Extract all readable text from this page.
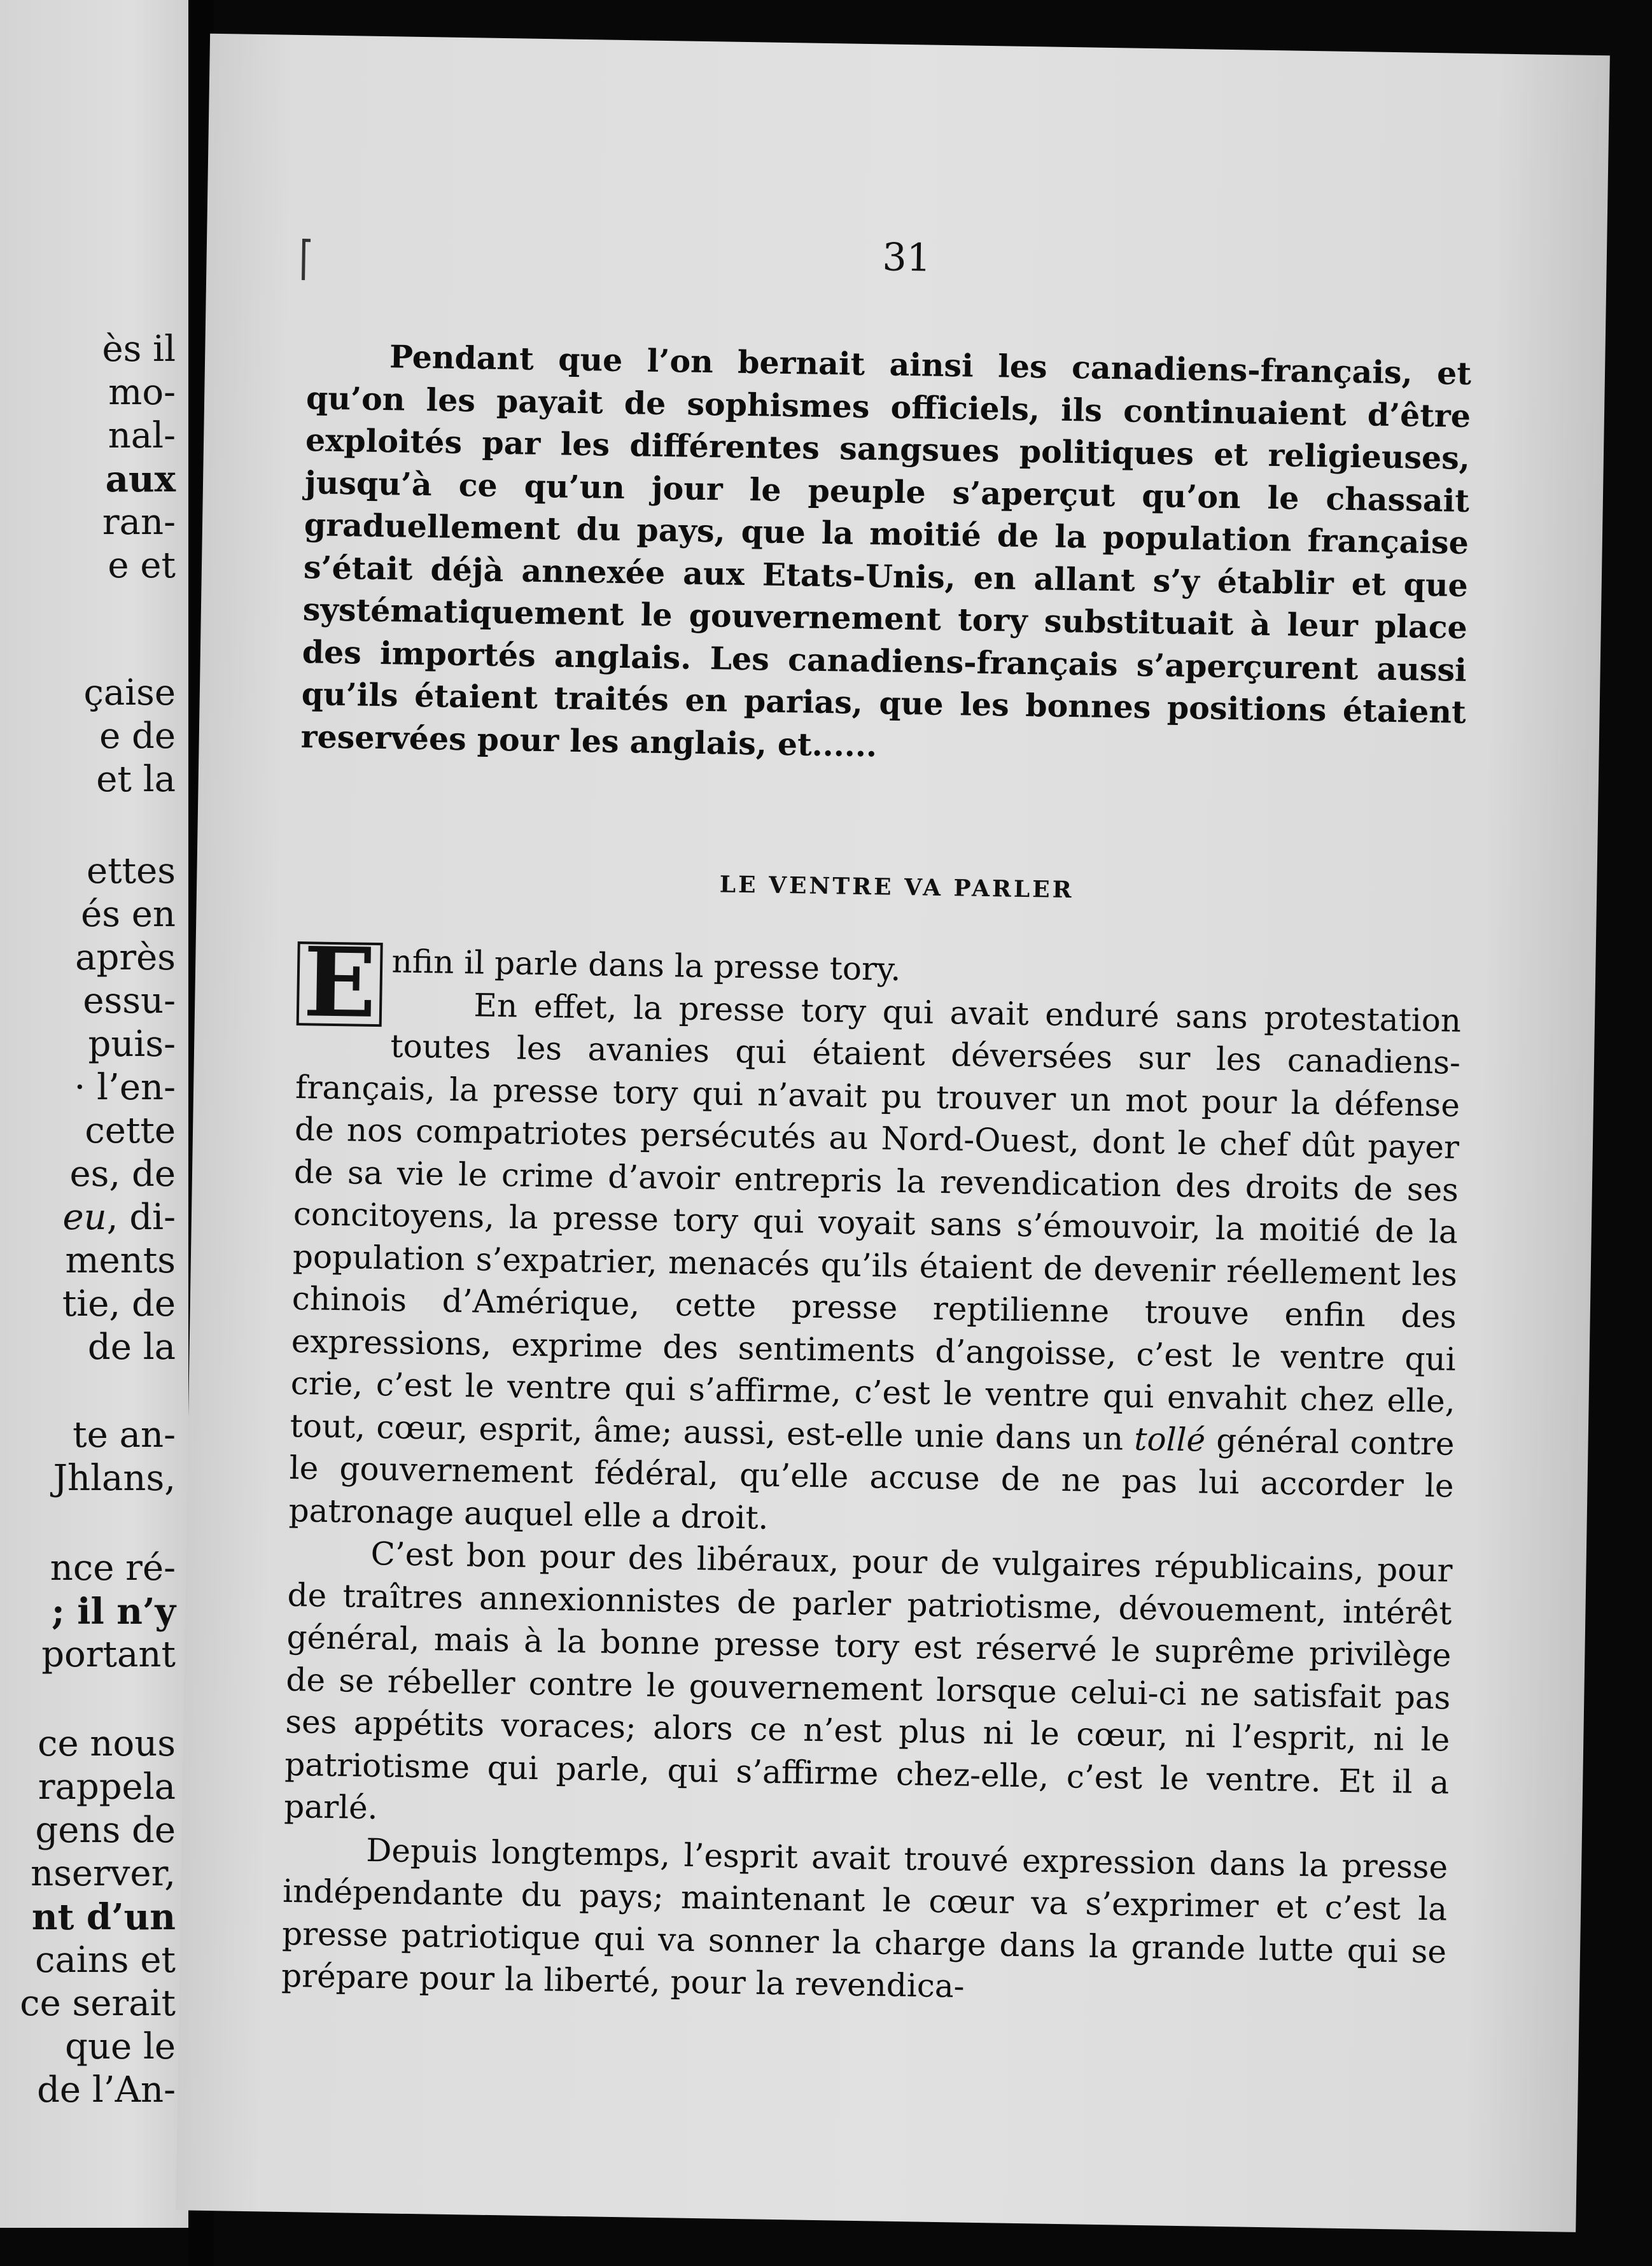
ès il
mo-
nal-
aux
ran-
e et
çaise
e de
et la
ettes
és en
après
essu-
puis-
· l’en-
cette
es, de
eu, di-
ments
tie, de
de la
te an-
Jhlans,
nce ré-
; il n’y
portant
ce nous
rappela
gens de
nserver,
nt d’un
cains et
ce serait
que le
de l’An-
31

Pendant que l’on bernait ainsi les canadiens-français, et qu’on les payait de sophismes officiels, ils continuaient d’être exploités par les différentes sangsues politiques et religieuses, jusqu’à ce qu’un jour le peuple s’aperçut qu’on le chassait graduellement du pays, que la moitié de la population française s’était déjà annexée aux Etats-Unis, en allant s’y établir et que systématiquement le gouvernement tory substituait à leur place des importés anglais. Les canadiens-français s’aperçurent aussi qu’ils étaient traités en parias, que les bonnes positions étaient reservées pour les anglais, et......

LE VENTRE VA PARLER

E nfin il parle dans la presse tory.

En effet, la presse tory qui avait enduré sans protestation toutes les avanies qui étaient déversées sur les canadiens-français, la presse tory qui n’avait pu trouver un mot pour la défense de nos compatriotes persécutés au Nord-Ouest, dont le chef dût payer de sa vie le crime d’avoir entrepris la revendication des droits de ses concitoyens, la presse tory qui voyait sans s’émouvoir, la moitié de la population s’expatrier, menacés qu’ils étaient de devenir réellement les chinois d’Amérique, cette presse reptilienne trouve enfin des expressions, exprime des sentiments d’angoisse, c’est le ventre qui crie, c’est le ventre qui s’affirme, c’est le ventre qui envahit chez elle, tout, cœur, esprit, âme; aussi, est-elle unie dans un tollé général contre le gouvernement fédéral, qu’elle accuse de ne pas lui accorder le patronage auquel elle a droit.

C’est bon pour des libéraux, pour de vulgaires républicains, pour de traîtres annexionnistes de parler patriotisme, dévouement, intérêt général, mais à la bonne presse tory est réservé le suprême privilège de se rébeller contre le gouvernement lorsque celui-ci ne satisfait pas ses appétits voraces; alors ce n’est plus ni le cœur, ni l’esprit, ni le patriotisme qui parle, qui s’affirme chez-elle, c’est le ventre. Et il a parlé.

Depuis longtemps, l’esprit avait trouvé expression dans la presse indépendante du pays; maintenant le cœur va s’exprimer et c’est la presse patriotique qui va sonner la charge dans la grande lutte qui se prépare pour la liberté, pour la revendica-
